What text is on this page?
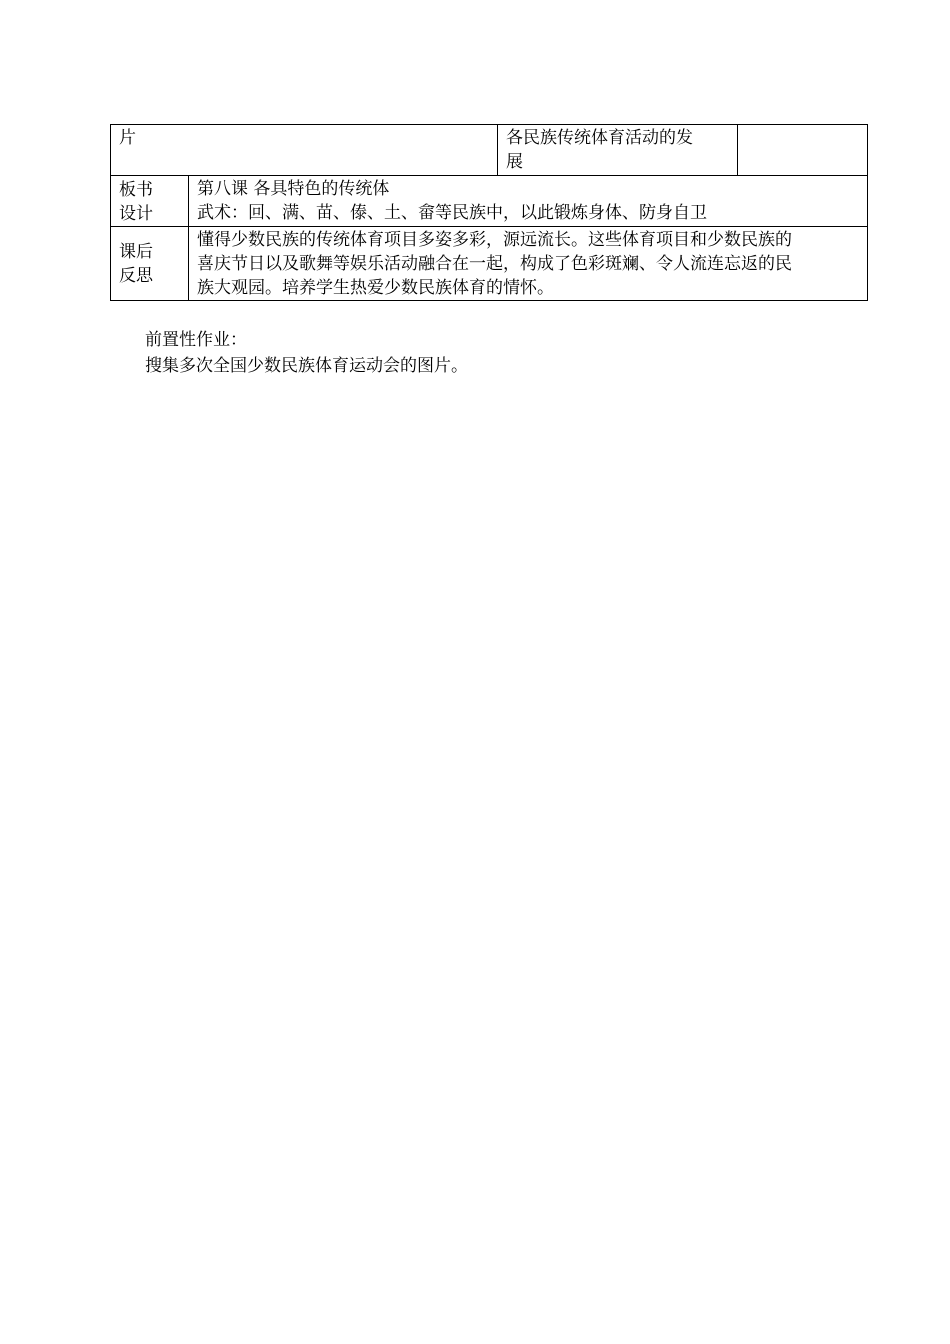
片		各民族传统体育活动的发
展	

板书
设计	第八课 各具特色的传统体
武术：回、满、苗、傣、土、畲等民族中，以此锻炼身体、防身自卫		

课后
反思	懂得少数民族的传统体育项目多姿多彩，源远流长。这些体育项目和少数民族的
喜庆节日以及歌舞等娱乐活动融合在一起，构成了色彩斑斓、令人流连忘返的民
族大观园。培养学生热爱少数民族体育的情怀。		
前置性作业：
搜集多次全国少数民族体育运动会的图片。
